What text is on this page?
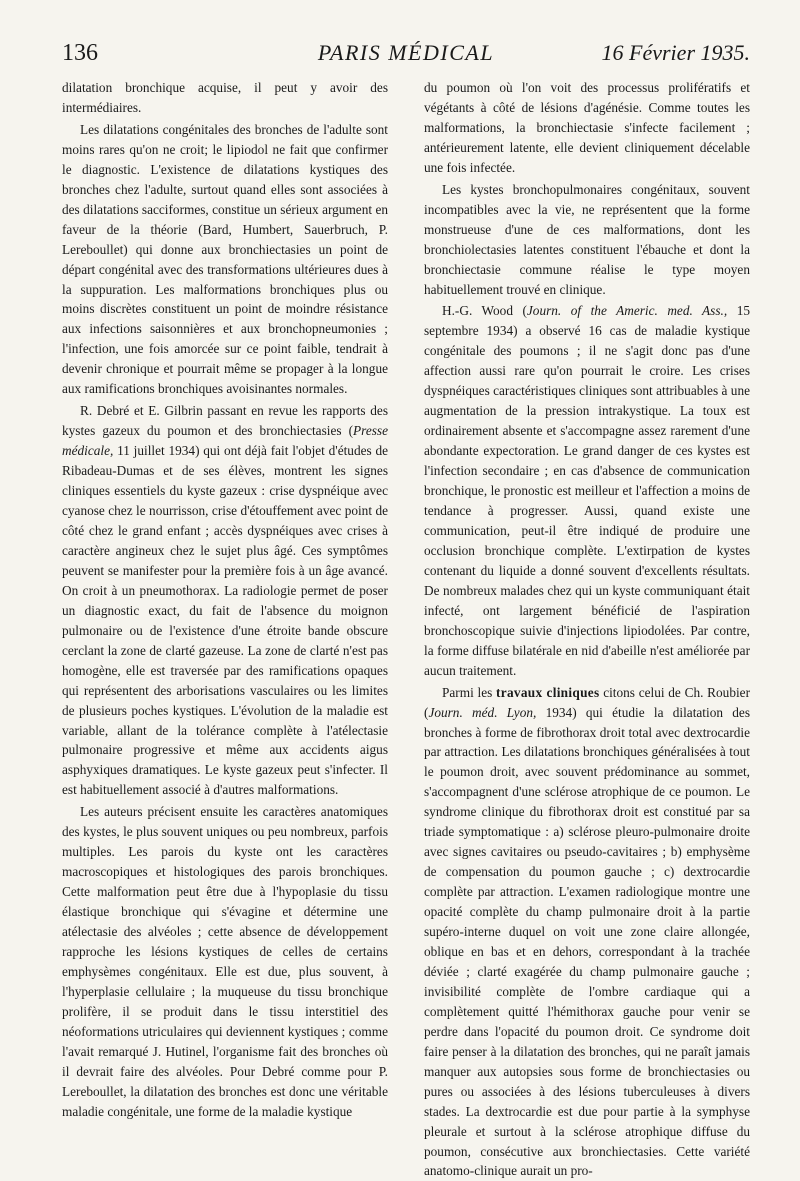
136	PARIS MÉDICAL	16 Février 1935.

dilatation bronchique acquise, il peut y avoir des intermédiaires.

Les dilatations congénitales des bronches de l'adulte sont moins rares qu'on ne croit; le lipiodol ne fait que confirmer le diagnostic. L'existence de dilatations kystiques des bronches chez l'adulte, surtout quand elles sont associées à des dilatations sacciformes, constitue un sérieux argument en faveur de la théorie (Bard, Humbert, Sauerbruch, P. Lereboullet) qui donne aux bronchiectasies un point de départ congénital avec des transformations ultérieures dues à la suppuration. Les malformations bronchiques plus ou moins discrètes constituent un point de moindre résistance aux infections saisonnières et aux bronchopneumonies ; l'infection, une fois amorcée sur ce point faible, tendrait à devenir chronique et pourrait même se propager à la longue aux ramifications bronchiques avoisinantes normales.

R. Debré et E. Gilbrin passant en revue les rapports des kystes gazeux du poumon et des bronchiectasies (Presse médicale, 11 juillet 1934) qui ont déjà fait l'objet d'études de Ribadeau-Dumas et de ses élèves, montrent les signes cliniques essentiels du kyste gazeux : crise dyspnéique avec cyanose chez le nourrisson, crise d'étouffement avec point de côté chez le grand enfant ; accès dyspnéiques avec crises à caractère angineux chez le sujet plus âgé. Ces symptômes peuvent se manifester pour la première fois à un âge avancé. On croit à un pneumothorax. La radiologie permet de poser un diagnostic exact, du fait de l'absence du moignon pulmonaire ou de l'existence d'une étroite bande obscure cerclant la zone de clarté gazeuse. La zone de clarté n'est pas homogène, elle est traversée par des ramifications opaques qui représentent des arborisations vasculaires ou les limites de plusieurs poches kystiques. L'évolution de la maladie est variable, allant de la tolérance complète à l'atélectasie pulmonaire progressive et même aux accidents aigus asphyxiques dramatiques. Le kyste gazeux peut s'infecter. Il est habituellement associé à d'autres malformations.

Les auteurs précisent ensuite les caractères anatomiques des kystes, le plus souvent uniques ou peu nombreux, parfois multiples. Les parois du kyste ont les caractères macroscopiques et histologiques des parois bronchiques. Cette malformation peut être due à l'hypoplasie du tissu élastique bronchique qui s'évagine et détermine une atélectasie des alvéoles ; cette absence de développement rapproche les lésions kystiques de celles de certains emphysèmes congénitaux. Elle est due, plus souvent, à l'hyperplasie cellulaire ; la muqueuse du tissu bronchique prolifère, il se produit dans le tissu interstitiel des néoformations utriculaires qui deviennent kystiques ; comme l'avait remarqué J. Hutinel, l'organisme fait des bronches où il devrait faire des alvéoles. Pour Debré comme pour P. Lereboullet, la dilatation des bronches est donc une véritable maladie congénitale, une forme de la maladie kystique

du poumon où l'on voit des processus prolifératifs et végétants à côté de lésions d'agénésie. Comme toutes les malformations, la bronchiectasie s'infecte facilement ; antérieurement latente, elle devient cliniquement décelable une fois infectée.

Les kystes bronchopulmonaires congénitaux, souvent incompatibles avec la vie, ne représentent que la forme monstrueuse d'une de ces malformations, dont les bronchiolectasies latentes constituent l'ébauche et dont la bronchiectasie commune réalise le type moyen habituellement trouvé en clinique.

H.-G. Wood (Journ. of the Americ. med. Ass., 15 septembre 1934) a observé 16 cas de maladie kystique congénitale des poumons ; il ne s'agit donc pas d'une affection aussi rare qu'on pourrait le croire. Les crises dyspnéiques caractéristiques cliniques sont attribuables à une augmentation de la pression intrakystique. La toux est ordinairement absente et s'accompagne assez rarement d'une abondante expectoration. Le grand danger de ces kystes est l'infection secondaire ; en cas d'absence de communication bronchique, le pronostic est meilleur et l'affection a moins de tendance à progresser. Aussi, quand existe une communication, peut-il être indiqué de produire une occlusion bronchique complète. L'extirpation de kystes contenant du liquide a donné souvent d'excellents résultats. De nombreux malades chez qui un kyste communiquant était infecté, ont largement bénéficié de l'aspiration bronchoscopique suivie d'injections lipiodolées. Par contre, la forme diffuse bilatérale en nid d'abeille n'est améliorée par aucun traitement.

Parmi les travaux cliniques citons celui de Ch. Roubier (Journ. méd. Lyon, 1934) qui étudie la dilatation des bronches à forme de fibrothorax droit total avec dextrocardie par attraction. Les dilatations bronchiques généralisées à tout le poumon droit, avec souvent prédominance au sommet, s'accompagnent d'une sclérose atrophique de ce poumon. Le syndrome clinique du fibrothorax droit est constitué par sa triade symptomatique : a) sclérose pleuro-pulmonaire droite avec signes cavitaires ou pseudo-cavitaires ; b) emphysème de compensation du poumon gauche ; c) dextrocardie complète par attraction. L'examen radiologique montre une opacité complète du champ pulmonaire droit à la partie supéro-interne duquel on voit une zone claire allongée, oblique en bas et en dehors, correspondant à la trachée déviée ; clarté exagérée du champ pulmonaire gauche ; invisibilité complète de l'ombre cardiaque qui a complètement quitté l'hémithorax gauche pour venir se perdre dans l'opacité du poumon droit. Ce syndrome doit faire penser à la dilatation des bronches, qui ne paraît jamais manquer aux autopsies sous forme de bronchiectasies ou pures ou associées à des lésions tuberculeuses à divers stades. La dextrocardie est due pour partie à la symphyse pleurale et surtout à la sclérose atrophique diffuse du poumon, consécutive aux bronchiectasies. Cette variété anatomo-clinique aurait un pro-
